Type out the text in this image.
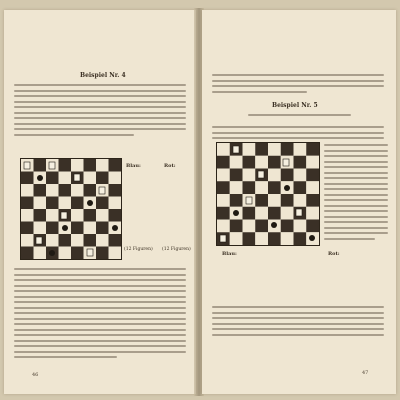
Beispiel Nr. 4
Blau:	Rot:
(12 Figuren) (12 Figuren)
46
Beispiel Nr. 5
Blau:	Rot:
47
